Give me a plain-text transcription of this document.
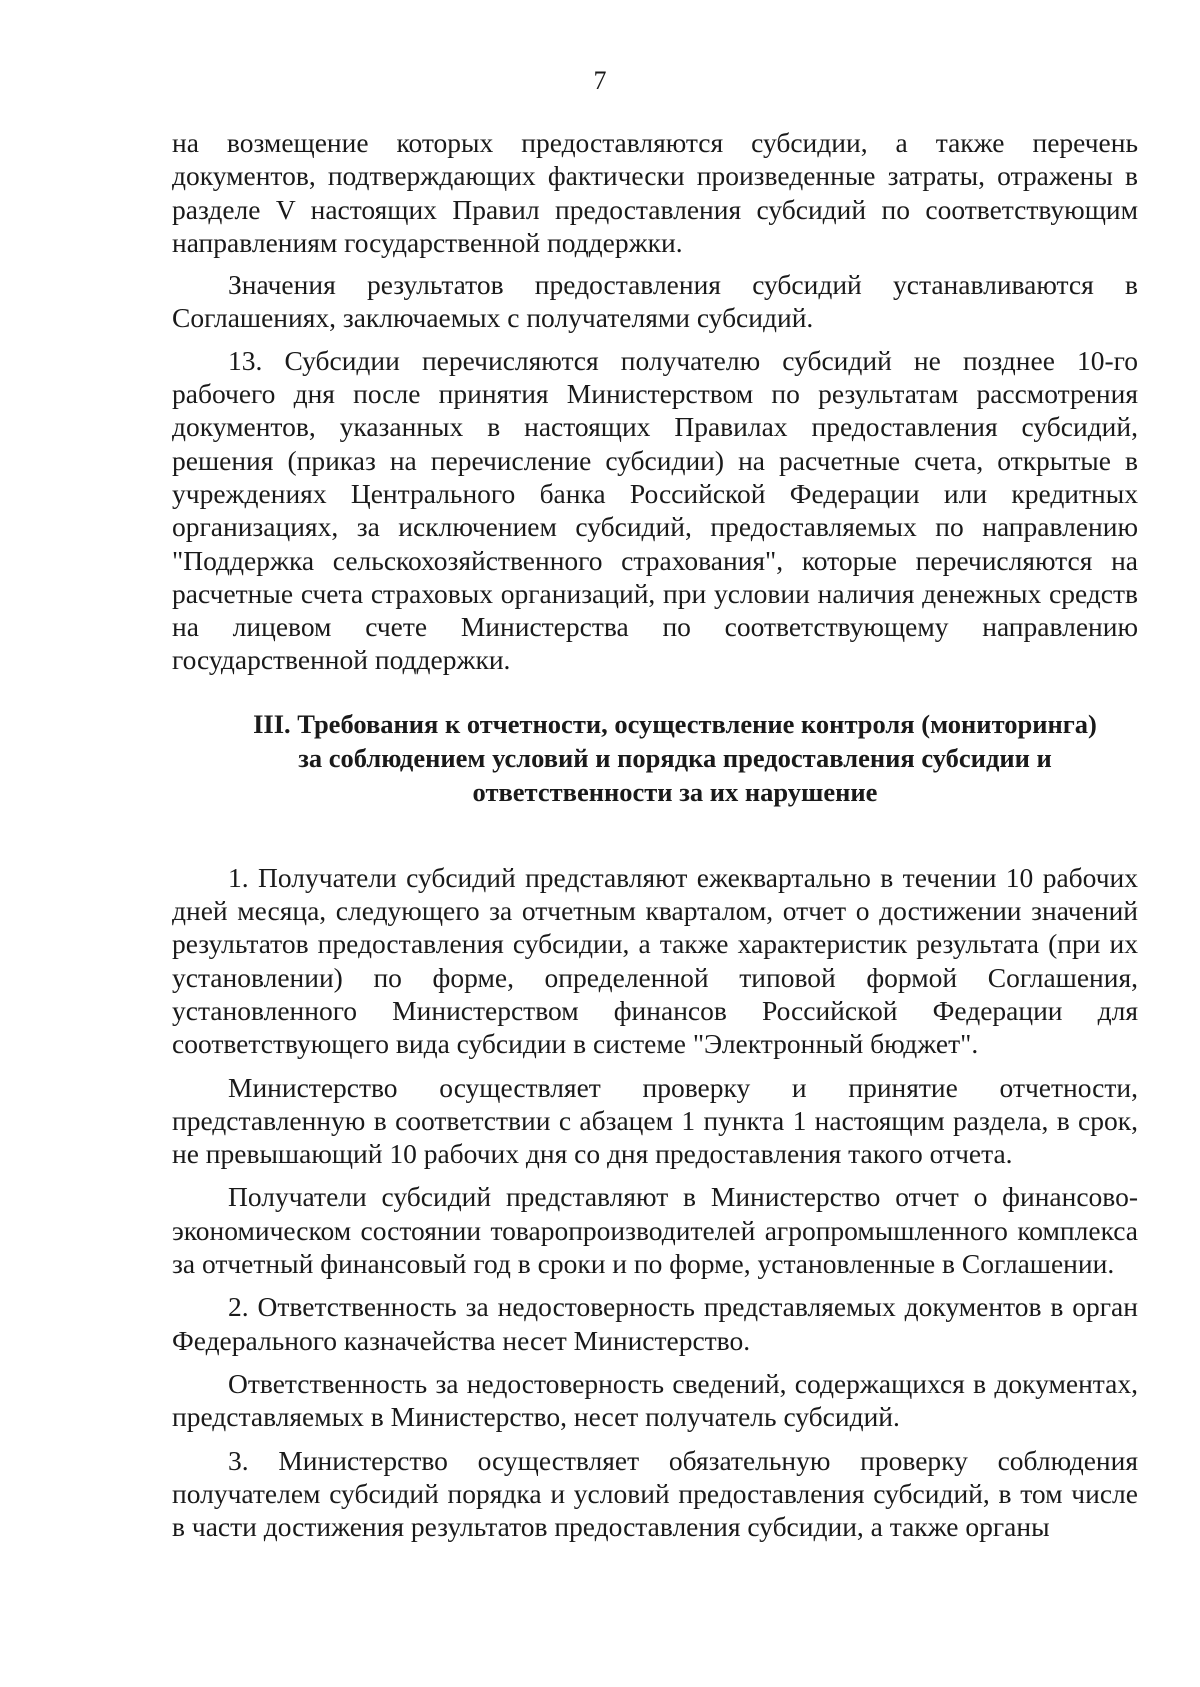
7

на возмещение которых предоставляются субсидии, а также перечень документов, подтверждающих фактически произведенные затраты, отражены в разделе V настоящих Правил предоставления субсидий по соответствующим направлениям государственной поддержки.

Значения результатов предоставления субсидий устанавливаются в Соглашениях, заключаемых с получателями субсидий.

13. Субсидии перечисляются получателю субсидий не позднее 10-го рабочего дня после принятия Министерством по результатам рассмотрения документов, указанных в настоящих Правилах предоставления субсидий, решения (приказ на перечисление субсидии) на расчетные счета, открытые в учреждениях Центрального банка Российской Федерации или кредитных организациях, за исключением субсидий, предоставляемых по направлению "Поддержка сельскохозяйственного страхования", которые перечисляются на расчетные счета страховых организаций, при условии наличия денежных средств на лицевом счете Министерства по соответствующему направлению государственной поддержки.

III. Требования к отчетности, осуществление контроля (мониторинга)
за соблюдением условий и порядка предоставления субсидии и
ответственности за их нарушение

1. Получатели субсидий представляют ежеквартально в течении 10 рабочих дней месяца, следующего за отчетным кварталом, отчет о достижении значений результатов предоставления субсидии, а также характеристик результата (при их установлении) по форме, определенной типовой формой Соглашения, установленного Министерством финансов Российской Федерации для соответствующего вида субсидии в системе "Электронный бюджет".

Министерство осуществляет проверку и принятие отчетности, представленную в соответствии с абзацем 1 пункта 1 настоящим раздела, в срок, не превышающий 10 рабочих дня со дня предоставления такого отчета.

Получатели субсидий представляют в Министерство отчет о финансово-экономическом состоянии товаропроизводителей агропромышленного комплекса за отчетный финансовый год в сроки и по форме, установленные в Соглашении.

2. Ответственность за недостоверность представляемых документов в орган Федерального казначейства несет Министерство.

Ответственность за недостоверность сведений, содержащихся в документах, представляемых в Министерство, несет получатель субсидий.

3. Министерство осуществляет обязательную проверку соблюдения получателем субсидий порядка и условий предоставления субсидий, в том числе в части достижения результатов предоставления субсидии, а также органы
